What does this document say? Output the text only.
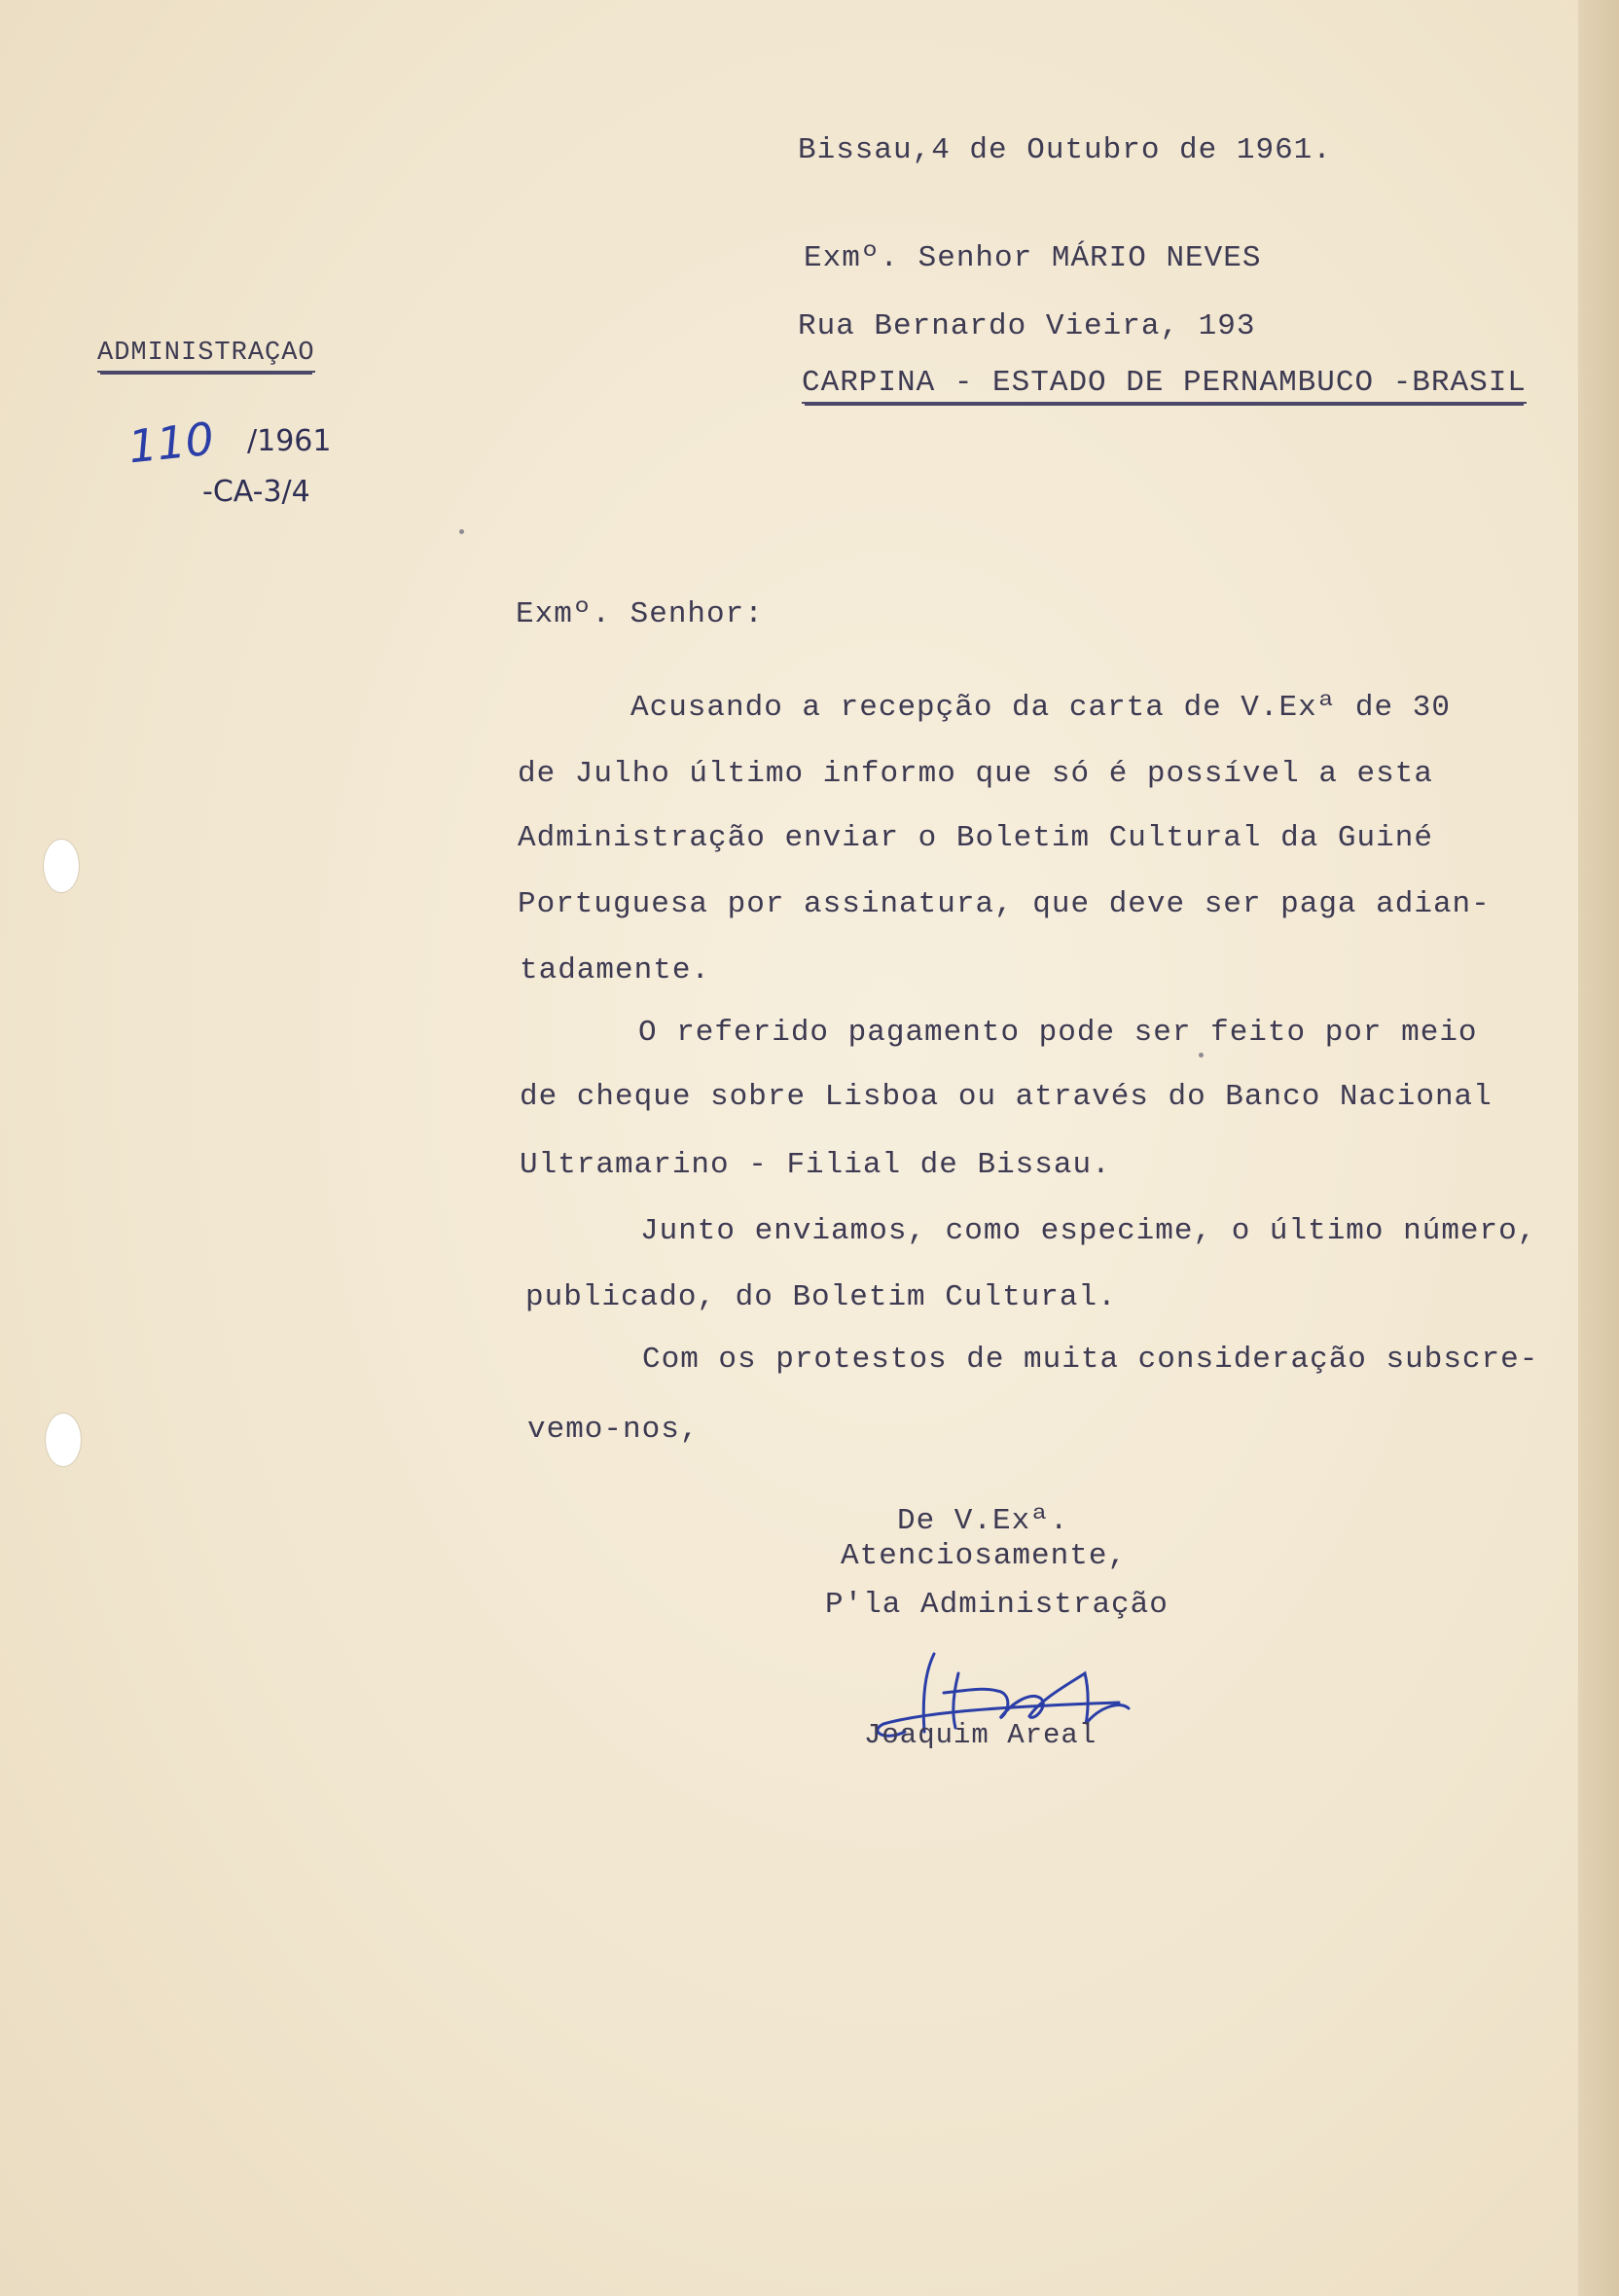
Bissau,4 de Outubro de 1961.
Exmº. Senhor MÁRIO NEVES
Rua Bernardo Vieira, 193
CARPINA - ESTADO DE PERNAMBUCO -BRASIL
ADMINISTRAÇAO
110 /1961
-CA-3/4
Exmº. Senhor:
Acusando a recepção da carta de V.Exª de 30
de Julho último informo que só é possível a esta
Administração enviar o Boletim Cultural da Guiné
Portuguesa por assinatura, que deve ser paga adian-
tadamente.
O referido pagamento pode ser feito por meio
de cheque sobre Lisboa ou através do Banco Nacional
Ultramarino - Filial de Bissau.
Junto enviamos, como especime, o último número,
publicado, do Boletim Cultural.
Com os protestos de muita consideração subscre-
vemo-nos,
De V.Exª.
Atenciosamente,
P'la Administração
Joaquim Areal
